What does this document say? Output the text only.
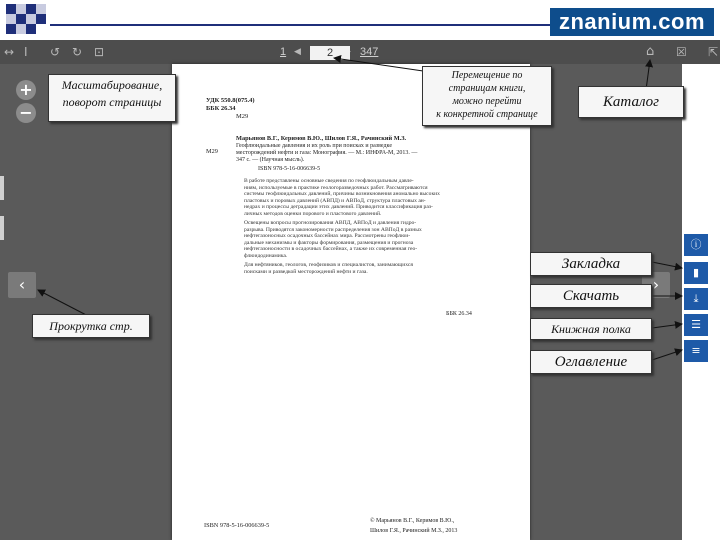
znanium.com
↔ Ι ↺ ↻ ⊡	1 ◀	347	⌂ ☒ ⇱
2
+
−
‹	›
УДК 550.8(075.4)
ББК 26.34
М29
Марьянов В.Г., Керимов В.Ю., Шилов Г.Я., Рачинский М.З.
М29
Геофлюидальные давления и их роль при поисках и разведке
месторождений нефти и газа: Монография. — М.: ИНФРА-М, 2013. —
347 с. — (Научная мысль).
ISBN 978-5-16-006639-5
В работе представлены основные сведения по геофлюидальным давле-
ниям, используемые в практике геологоразведочных работ. Рассматриваются
системы геофлюидальных давлений, причины возникновения аномально высоких
пластовых и поровых давлений (АВПД) и АВПоД, структура пластовых ан-
недрах и процессы деградации этих давлений. Приводится классификация раз-
личных методов оценки порового и пластового давлений.
Освещены вопросы прогнозирования АВПД, АВПоД и давления гидро-
разрыва. Приводятся закономерности распределения зон АВПоД в разных
нефтегазоносных осадочных бассейнах мира. Рассмотрены геофлюи-
дальные механизмы и факторы формирования, размещения и прогноза
нефтегазоносности в осадочных бассейнах, а также их современная гео-
флюидодинамика.
Для нефтяников, геологов, геофизиков и специалистов, занимающихся
поисками и разведкой месторождений нефти и газа.
ББК 26.34
ISBN 978-5-16-006639-5
© Марьянов В.Г., Керимов В.Ю.,
Шилов Г.Я., Рачинский М.З., 2013
ⓘ
▮
⤓
☰
≡
Масштабирование,
поворот страницы
Перемещение по
страницам книги,
можно перейти
к конкретной странице
Каталог
Закладка
Скачать
Книжная полка
Оглавление
Прокрутка стр.
